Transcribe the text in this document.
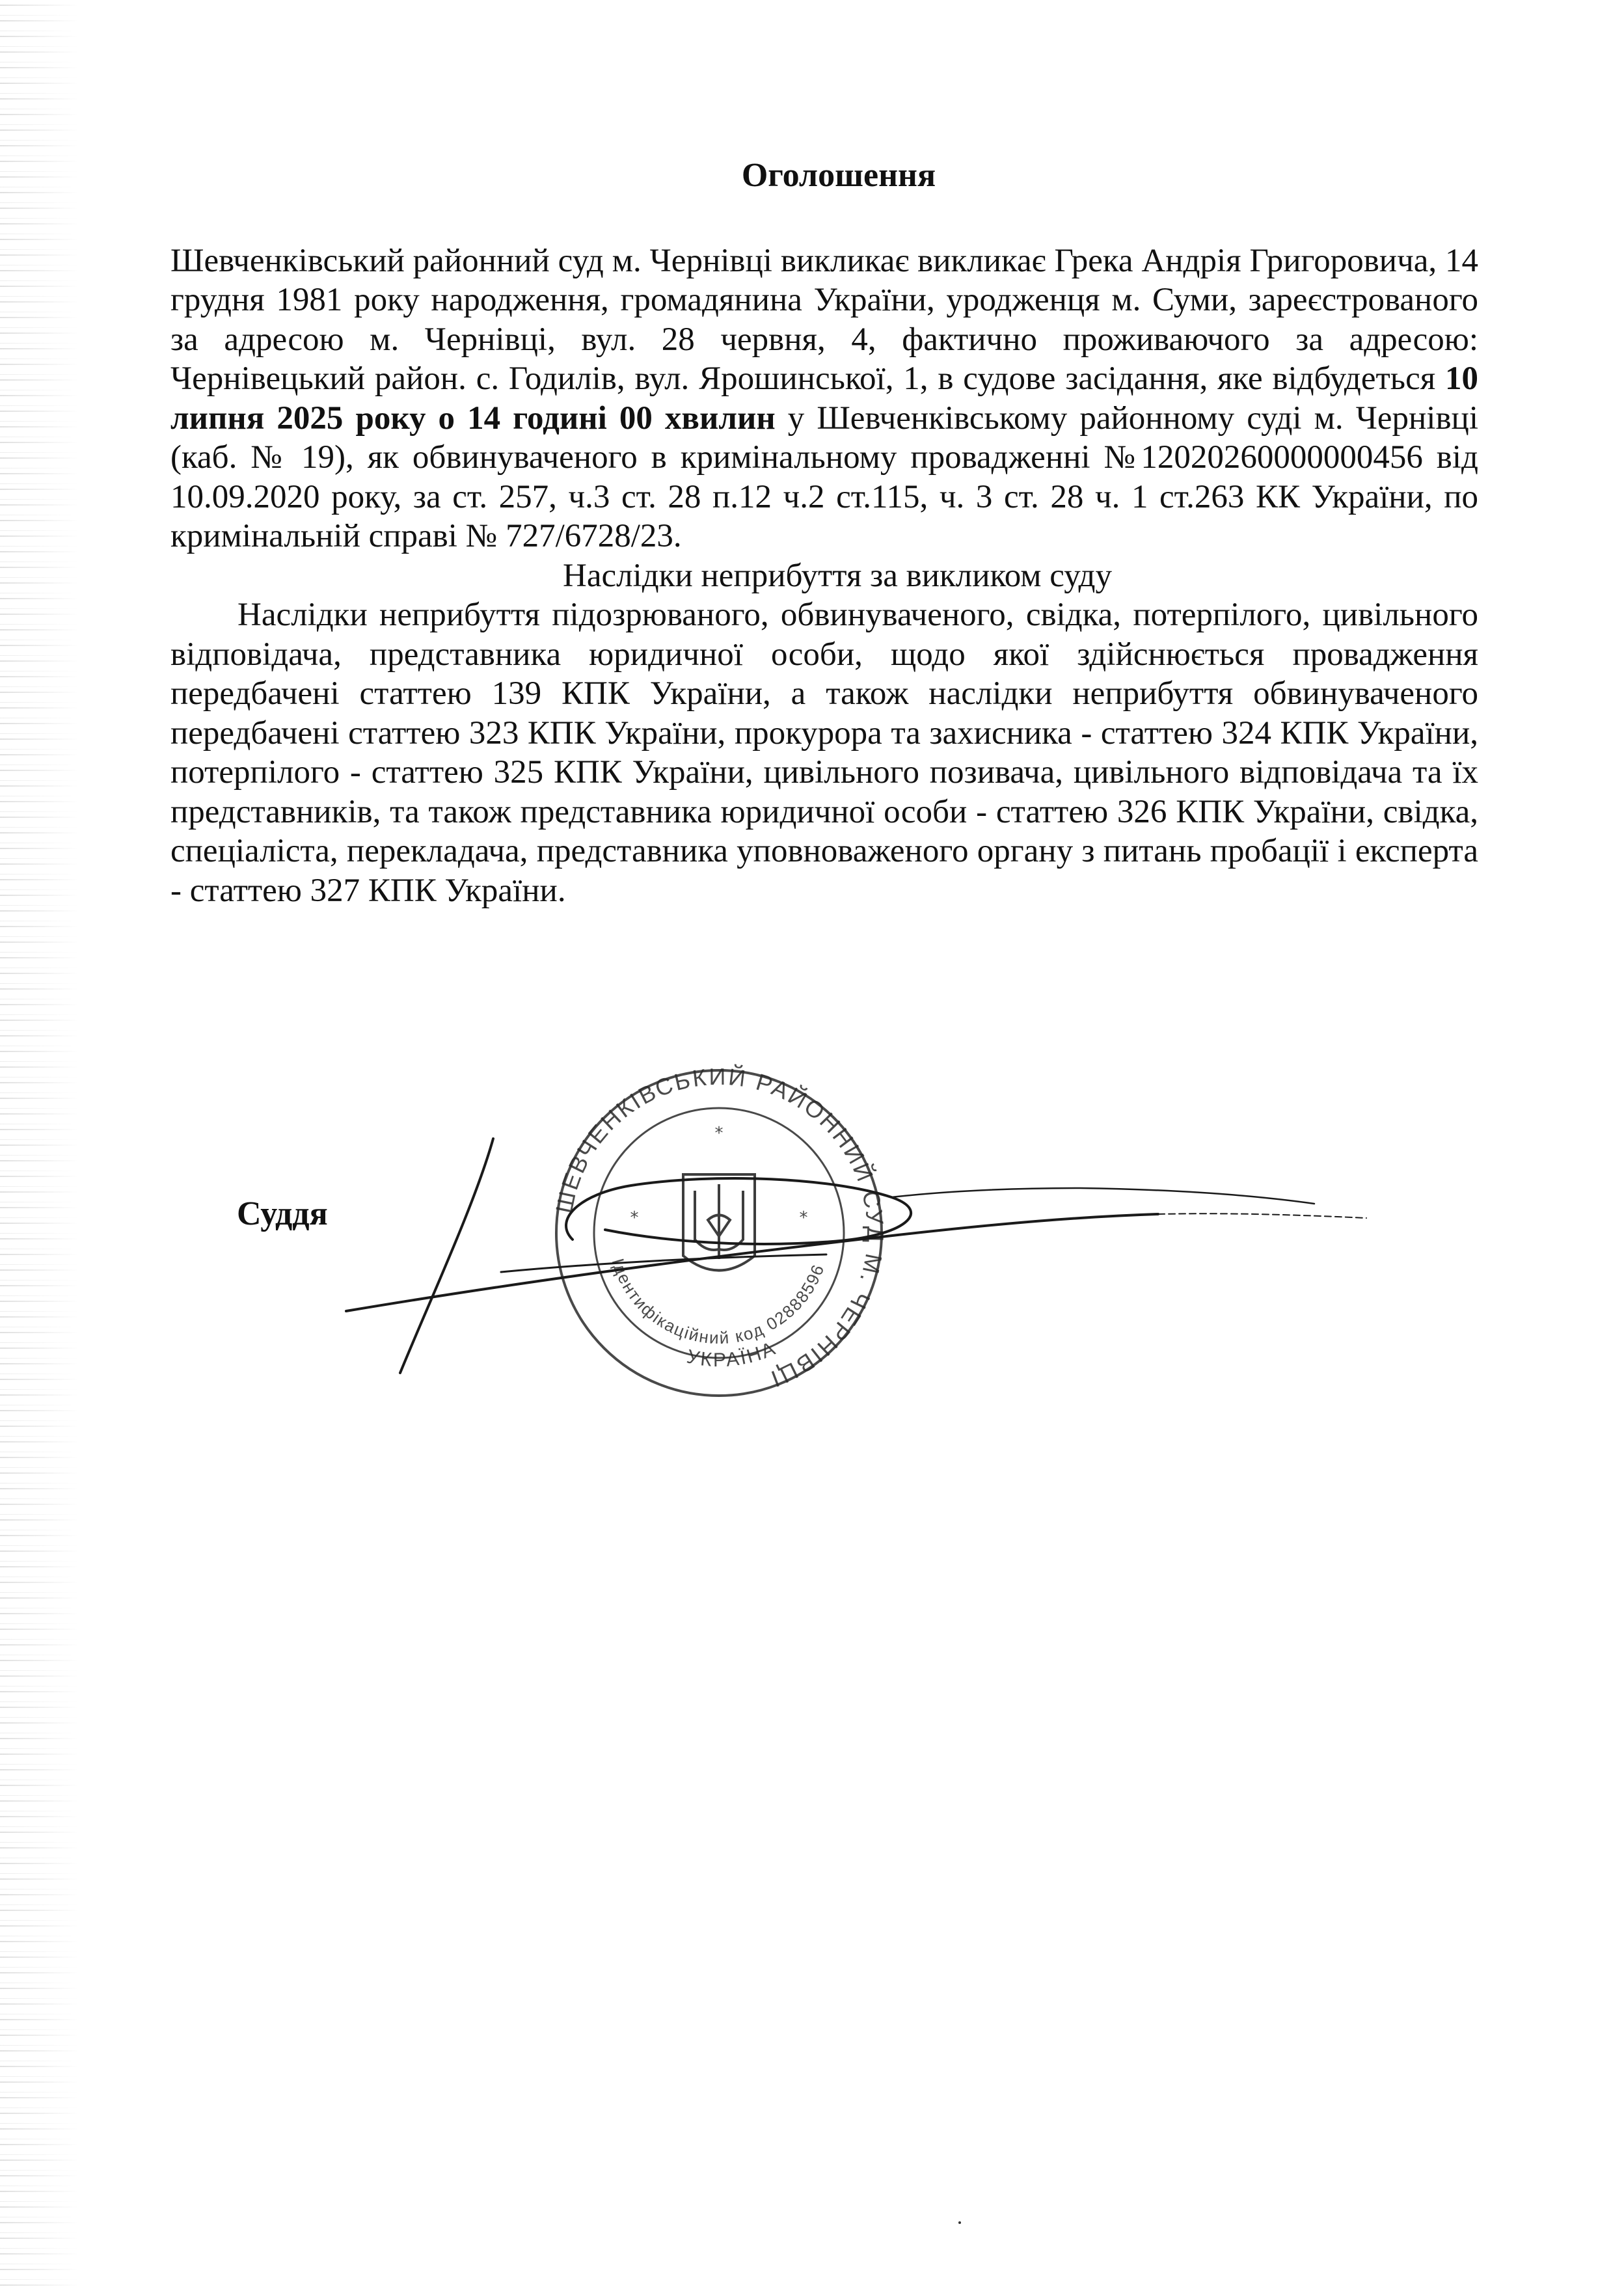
Оголошення

Шевченківський районний суд м. Чернівці викликає викликає Грека Андрія Григоровича, 14 грудня 1981 року народження, громадянина України, уродженця м. Суми, зареєстрованого за адресою м. Чернівці, вул. 28 червня, 4, фактично проживаючого за адресою: Чернівецький район. с. Годилів, вул. Ярошинської, 1, в судове засідання, яке відбудеться 10 липня 2025 року о 14 годині 00 хвилин у Шевченківському районному суді м. Чернівці (каб. № 19), як обвинуваченого в кримінальному провадженні №12020260000000456 від 10.09.2020 року, за ст. 257, ч.3 ст. 28 п.12 ч.2 ст.115, ч. 3 ст. 28 ч. 1 ст.263 КК України, по кримінальній справі № 727/6728/23.

Наслідки неприбуття за викликом суду

Наслідки неприбуття підозрюваного, обвинуваченого, свідка, потерпілого, цивільного відповідача, представника юридичної особи, щодо якої здійснюється провадження передбачені статтею 139 КПК України, а також наслідки неприбуття обвинуваченого передбачені статтею 323 КПК України, прокурора та захисника - статтею 324 КПК України, потерпілого - статтею 325 КПК України, цивільного позивача, цивільного відповідача та їх представників, та також представника юридичної особи - статтею 326 КПК України, свідка, спеціаліста, перекладача, представника уповноваженого органу з питань пробації і експерта - статтею 327 КПК України.

Суддя	ШЕВЧЕНКІВСЬКИЙ РАЙОННИЙ СУД М. ЧЕРНІВЦІ
Ідентифікаційний код 02888596
УКРАЇНА
*
*	*
